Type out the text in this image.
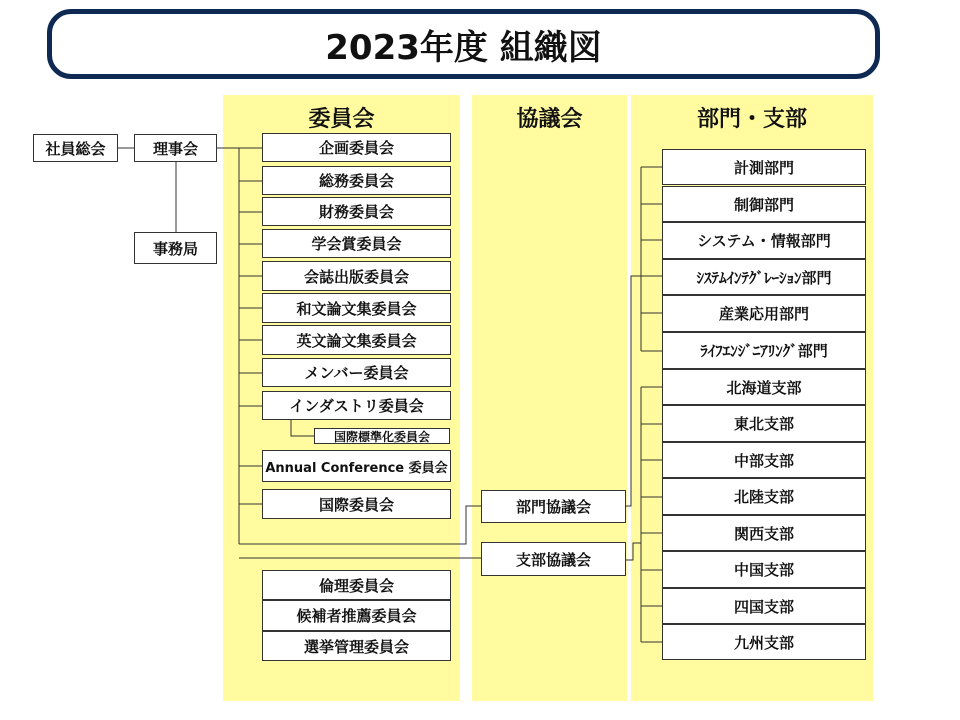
2023年度 組織図
委員会	協議会	部門・支部
社員総会	理事会
事務局
企画委員会
総務委員会
財務委員会
学会賞委員会
会誌出版委員会
和文論文集委員会
英文論文集委員会
メンバー委員会
インダストリ委員会
国際標準化委員会
Annual Conference 委員会
国際委員会
倫理委員会
候補者推薦委員会
選挙管理委員会
部門協議会
支部協議会
計測部門
制御部門
システム・情報部門
ｼｽﾃﾑｲﾝﾃｸﾞﾚｰｼｮﾝ部門
産業応用部門
ﾗｲﾌｴﾝｼﾞﾆｱﾘﾝｸﾞ部門
北海道支部
東北支部
中部支部
北陸支部
関西支部
中国支部
四国支部
九州支部
